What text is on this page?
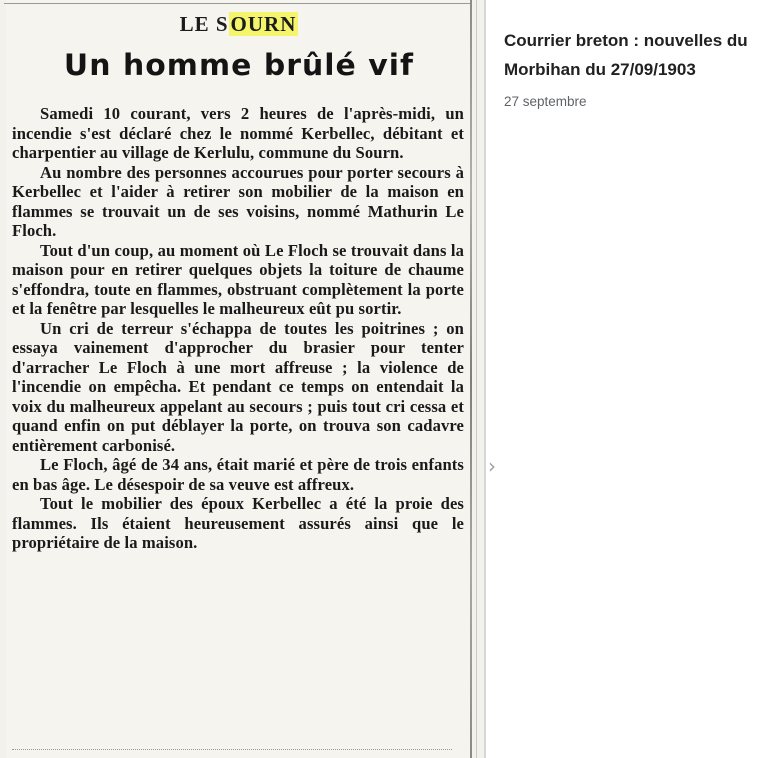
LE SOURN
Un homme brûlé vif

Samedi 10 courant, vers 2 heures de l'après-midi, un incendie s'est déclaré chez le nommé Kerbellec, débitant et charpentier au village de Kerlulu, commune du Sourn.

Au nombre des personnes accourues pour porter secours à Kerbellec et l'aider à retirer son mobilier de la maison en flammes se trouvait un de ses voisins, nommé Mathurin Le Floch.

Tout d'un coup, au moment où Le Floch se trouvait dans la maison pour en retirer quelques objets la toiture de chaume s'effondra, toute en flammes, obstruant complètement la porte et la fenêtre par lesquelles le malheureux eût pu sortir.

Un cri de terreur s'échappa de toutes les poitrines ; on essaya vainement d'approcher du brasier pour tenter d'arracher Le Floch à une mort affreuse ; la violence de l'incendie on empêcha. Et pendant ce temps on entendait la voix du malheureux appelant au secours ; puis tout cri cessa et quand enfin on put déblayer la porte, on trouva son cadavre entièrement carbonisé.

Le Floch, âgé de 34 ans, était marié et père de trois enfants en bas âge. Le désespoir de sa veuve est affreux.

Tout le mobilier des époux Kerbellec a été la proie des flammes. Ils étaient heureusement assurés ainsi que le propriétaire de la maison.

›

Courrier breton : nouvelles du Morbihan du 27/09/1903

27 septembre
